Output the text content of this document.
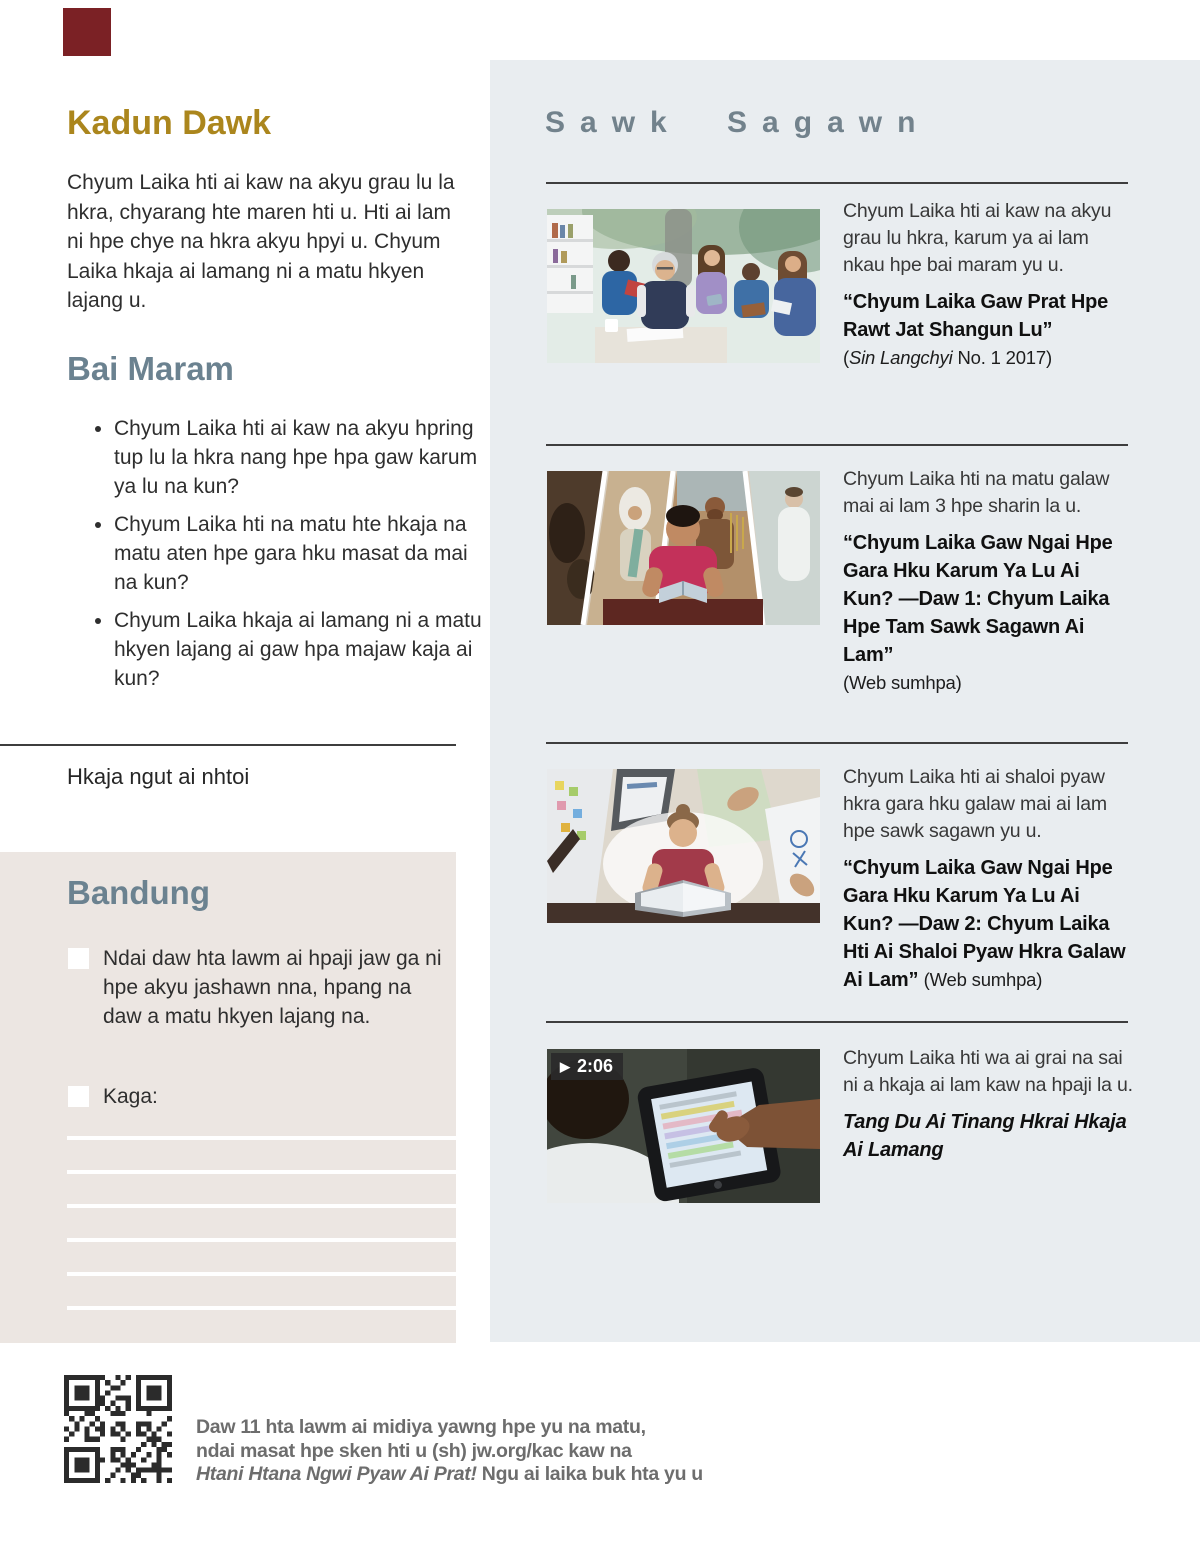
Kadun Dawk

Chyum Laika hti ai kaw na akyu grau lu la hkra, chyarang hte maren hti u. Hti ai lam ni hpe chye na hkra akyu hpyi u. Chyum Laika hkaja ai lamang ni a matu hkyen lajang u.

Bai Maram
• Chyum Laika hti ai kaw na akyu hpring tup lu la hkra nang hpe hpa gaw karum ya lu na kun?
• Chyum Laika hti na matu hte hkaja na matu aten hpe gara hku masat da mai na kun?
• Chyum Laika hkaja ai lamang ni a matu hkyen lajang ai gaw hpa majaw kaja ai kun?

Hkaja ngut ai nhtoi

Bandung

Ndai daw hta lawm ai hpaji jaw ga ni hpe akyu jashawn nna, hpang na daw a matu hkyen lajang na.

Kaga:

Sawk Sagawn
▶ 2:06

Chyum Laika hti ai kaw na akyu grau lu hkra, karum ya ai lam nkau hpe bai maram yu u.

“Chyum Laika Gaw Prat Hpe Rawt Jat Shangun Lu”

(Sin Langchyi No. 1 2017)

Chyum Laika hti na matu galaw mai ai lam 3 hpe sharin la u.

“Chyum Laika Gaw Ngai Hpe Gara Hku Karum Ya Lu Ai Kun? —Daw 1: Chyum Laika Hpe Tam Sawk Sagawn Ai Lam”

(Web sumhpa)

Chyum Laika hti ai shaloi pyaw hkra gara hku galaw mai ai lam hpe sawk sagawn yu u.

“Chyum Laika Gaw Ngai Hpe Gara Hku Karum Ya Lu Ai Kun? —Daw 2: Chyum Laika Hti Ai Shaloi Pyaw Hkra Galaw Ai Lam” (Web sumhpa)

Chyum Laika hti wa ai grai na sai ni a hkaja ai lam kaw na hpaji la u.

Tang Du Ai Tinang Hkrai Hkaja Ai Lamang

Daw 11 hta lawm ai midiya yawng hpe yu na matu,
ndai masat hpe sken hti u (sh) jw.org/kac kaw na
Htani Htana Ngwi Pyaw Ai Prat! Ngu ai laika buk hta yu u
